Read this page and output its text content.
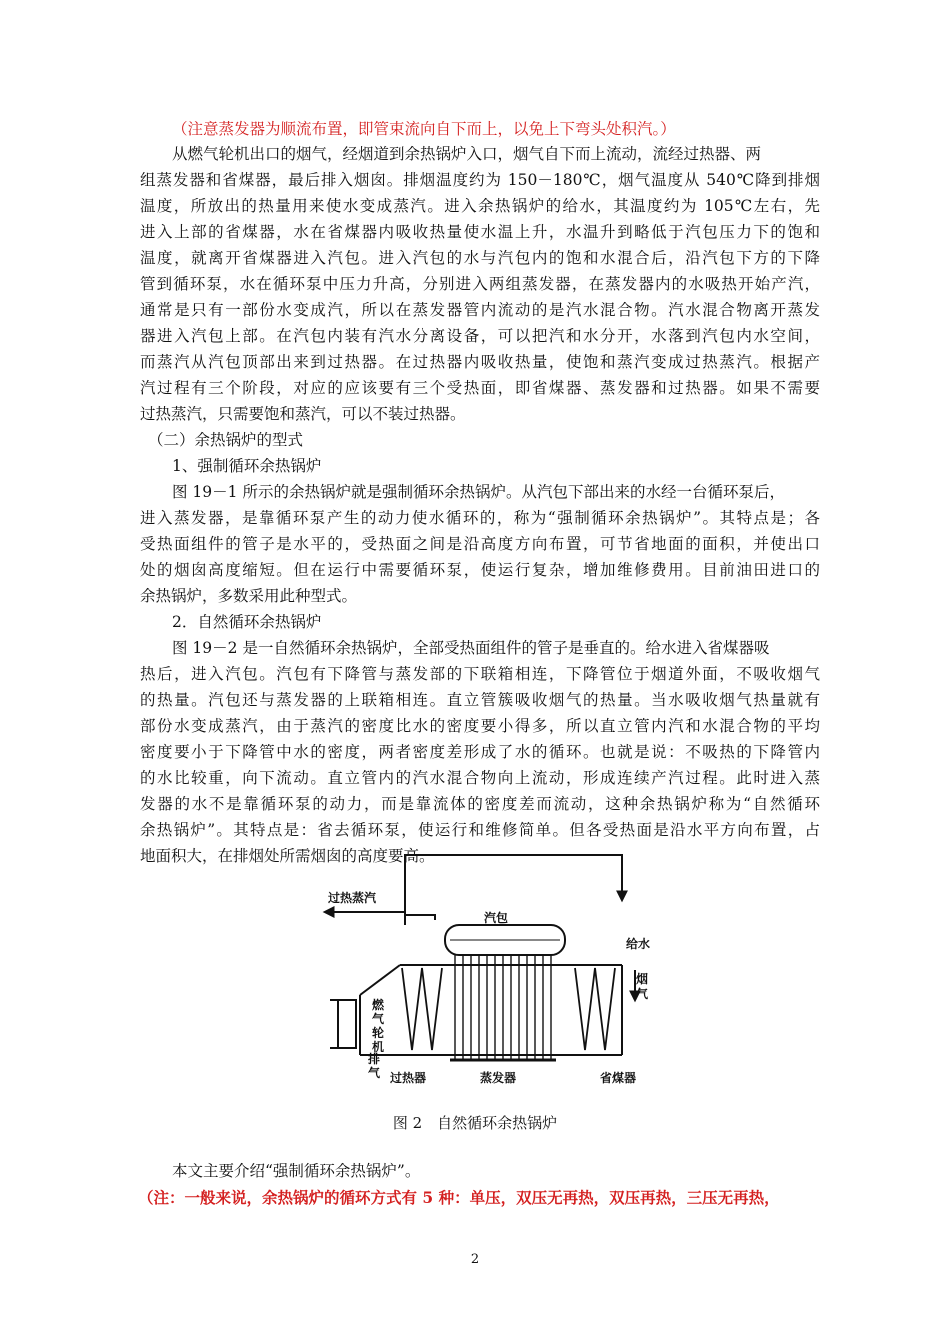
（注意蒸发器为顺流布置，即管束流向自下而上，以免上下弯头处积汽。）
从燃气轮机出口的烟气，经烟道到余热锅炉入口，烟气自下而上流动，流经过热器、两
组蒸发器和省煤器，最后排入烟囱。排烟温度约为 150－180℃，烟气温度从 540℃降到排烟
温度，所放出的热量用来使水变成蒸汽。进入余热锅炉的给水，其温度约为 105℃左右，先
进入上部的省煤器，水在省煤器内吸收热量使水温上升，水温升到略低于汽包压力下的饱和
温度，就离开省煤器进入汽包。进入汽包的水与汽包内的饱和水混合后，沿汽包下方的下降
管到循环泵，水在循环泵中压力升高，分别进入两组蒸发器，在蒸发器内的水吸热开始产汽，
通常是只有一部份水变成汽，所以在蒸发器管内流动的是汽水混合物。汽水混合物离开蒸发
器进入汽包上部。在汽包内装有汽水分离设备，可以把汽和水分开，水落到汽包内水空间，
而蒸汽从汽包顶部出来到过热器。在过热器内吸收热量，使饱和蒸汽变成过热蒸汽。根据产
汽过程有三个阶段，对应的应该要有三个受热面，即省煤器、蒸发器和过热器。如果不需要
过热蒸汽，只需要饱和蒸汽，可以不装过热器。
（二）余热锅炉的型式
1、强制循环余热锅炉
图 19－1 所示的余热锅炉就是强制循环余热锅炉。从汽包下部出来的水经一台循环泵后，
进入蒸发器，是靠循环泵产生的动力使水循环的，称为“强制循环余热锅炉”。其特点是；各
受热面组件的管子是水平的，受热面之间是沿高度方向布置，可节省地面的面积，并使出口
处的烟囱高度缩短。但在运行中需要循环泵，使运行复杂，增加维修费用。目前油田进口的
余热锅炉，多数采用此种型式。
2．自然循环余热锅炉
图 19－2 是一自然循环余热锅炉，全部受热面组件的管子是垂直的。给水进入省煤器吸
热后，进入汽包。汽包有下降管与蒸发部的下联箱相连，下降管位于烟道外面，不吸收烟气
的热量。汽包还与蒸发器的上联箱相连。直立管簇吸收烟气的热量。当水吸收烟气热量就有
部份水变成蒸汽，由于蒸汽的密度比水的密度要小得多，所以直立管内汽和水混合物的平均
密度要小于下降管中水的密度，两者密度差形成了水的循环。也就是说：不吸热的下降管内
的水比较重，向下流动。直立管内的汽水混合物向上流动，形成连续产汽过程。此时进入蒸
发器的水不是靠循环泵的动力，而是靠流体的密度差而流动，这种余热锅炉称为“自然循环
余热锅炉”。其特点是：省去循环泵，使运行和维修简单。但各受热面是沿水平方向布置，占
地面积大，在排烟处所需烟囱的高度要高。
过热蒸汽
汽包
给水
省煤器
蒸发器
过热器
烟气
燃气轮机
排气
图 2　自然循环余热锅炉
本文主要介绍“强制循环余热锅炉”。
（注：一般来说，余热锅炉的循环方式有 5 种：单压，双压无再热，双压再热，三压无再热，
2
